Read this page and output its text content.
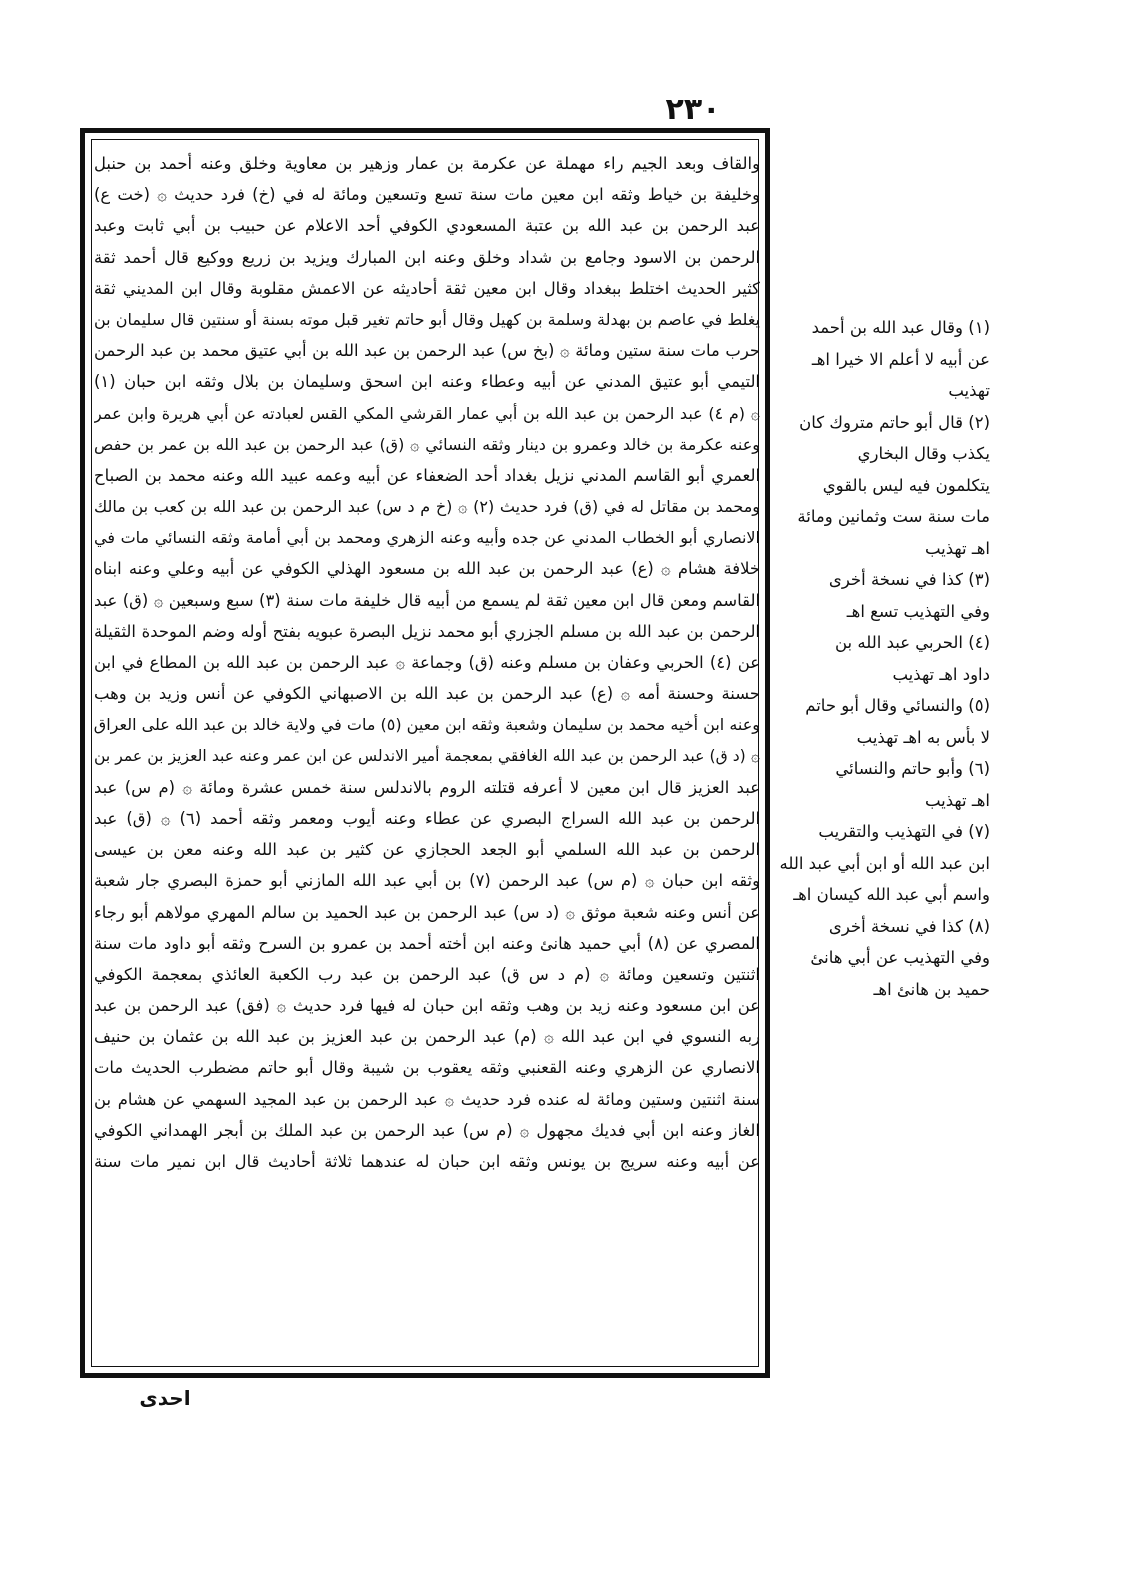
٢٣٠
والقاف وبعد الجيم راء مهملة عن عكرمة بن عمار وزهير بن معاوية وخلق وعنه أحمد بن حنبل
وخليفة بن خياط وثقه ابن معين مات سنة تسع وتسعين ومائة له في (خ) فرد حديث ۞ (خت ع)
عبد الرحمن بن عبد الله بن عتبة المسعودي الكوفي أحد الاعلام عن حبيب بن أبي ثابت وعبد
الرحمن بن الاسود وجامع بن شداد وخلق وعنه ابن المبارك ويزيد بن زريع ووكيع قال أحمد ثقة
كثير الحديث اختلط ببغداد وقال ابن معين ثقة أحاديثه عن الاعمش مقلوبة وقال ابن المديني ثقة
يغلط في عاصم بن بهدلة وسلمة بن كهيل وقال أبو حاتم تغير قبل موته بسنة أو سنتين قال سليمان بن
حرب مات سنة ستين ومائة ۞ (بخ س) عبد الرحمن بن عبد الله بن أبي عتيق محمد بن عبد الرحمن
التيمي أبو عتيق المدني عن أبيه وعطاء وعنه ابن اسحق وسليمان بن بلال وثقه ابن حبان (١)
۞ (م ٤) عبد الرحمن بن عبد الله بن أبي عمار القرشي المكي القس لعبادته عن أبي هريرة وابن عمر
وعنه عكرمة بن خالد وعمرو بن دينار وثقه النسائي ۞ (ق) عبد الرحمن بن عبد الله بن عمر بن حفص
العمري أبو القاسم المدني نزيل بغداد أحد الضعفاء عن أبيه وعمه عبيد الله وعنه محمد بن الصباح
ومحمد بن مقاتل له في (ق) فرد حديث (٢) ۞ (خ م د س) عبد الرحمن بن عبد الله بن كعب بن مالك
الانصاري أبو الخطاب المدني عن جده وأبيه وعنه الزهري ومحمد بن أبي أمامة وثقه النسائي مات في
خلافة هشام ۞ (ع) عبد الرحمن بن عبد الله بن مسعود الهذلي الكوفي عن أبيه وعلي وعنه ابناه
القاسم ومعن قال ابن معين ثقة لم يسمع من أبيه قال خليفة مات سنة (٣) سبع وسبعين ۞ (ق) عبد
الرحمن بن عبد الله بن مسلم الجزري أبو محمد نزيل البصرة عبويه بفتح أوله وضم الموحدة الثقيلة
عن (٤) الحربي وعفان بن مسلم وعنه (ق) وجماعة ۞ عبد الرحمن بن عبد الله بن المطاع في ابن
حسنة وحسنة أمه ۞ (ع) عبد الرحمن بن عبد الله بن الاصبهاني الكوفي عن أنس وزيد بن وهب
وعنه ابن أخيه محمد بن سليمان وشعبة وثقه ابن معين (٥) مات في ولاية خالد بن عبد الله على العراق
۞ (د ق) عبد الرحمن بن عبد الله الغافقي بمعجمة أمير الاندلس عن ابن عمر وعنه عبد العزيز بن عمر بن
عبد العزيز قال ابن معين لا أعرفه قتلته الروم بالاندلس سنة خمس عشرة ومائة ۞ (م س) عبد
الرحمن بن عبد الله السراج البصري عن عطاء وعنه أيوب ومعمر وثقه أحمد (٦) ۞ (ق) عبد
الرحمن بن عبد الله السلمي أبو الجعد الحجازي عن كثير بن عبد الله وعنه معن بن عيسى
وثقه ابن حبان ۞ (م س) عبد الرحمن (٧) بن أبي عبد الله المازني أبو حمزة البصري جار شعبة
عن أنس وعنه شعبة موثق ۞ (د س) عبد الرحمن بن عبد الحميد بن سالم المهري مولاهم أبو رجاء
المصري عن (٨) أبي حميد هانئ وعنه ابن أخته أحمد بن عمرو بن السرح وثقه أبو داود مات سنة
اثنتين وتسعين ومائة ۞ (م د س ق) عبد الرحمن بن عبد رب الكعبة العائذي بمعجمة الكوفي
عن ابن مسعود وعنه زيد بن وهب وثقه ابن حبان له فيها فرد حديث ۞ (فق) عبد الرحمن بن عبد
ربه النسوي في ابن عبد الله ۞ (م) عبد الرحمن بن عبد العزيز بن عبد الله بن عثمان بن حنيف
الانصاري عن الزهري وعنه القعنبي وثقه يعقوب بن شيبة وقال أبو حاتم مضطرب الحديث مات
سنة اثنتين وستين ومائة له عنده فرد حديث ۞ عبد الرحمن بن عبد المجيد السهمي عن هشام بن
الغاز وعنه ابن أبي فديك مجهول ۞ (م س) عبد الرحمن بن عبد الملك بن أبجر الهمداني الكوفي
عن أبيه وعنه سريج بن يونس وثقه ابن حبان له عندهما ثلاثة أحاديث قال ابن نمير مات سنة
(١) وقال عبد الله بن أحمد
عن أبيه لا أعلم الا خيرا اهـ
تهذيب
(٢) قال أبو حاتم متروك كان
يكذب وقال البخاري
يتكلمون فيه ليس بالقوي
مات سنة ست وثمانين ومائة
اهـ تهذيب
(٣) كذا في نسخة أخرى
وفي التهذيب تسع اهـ
(٤) الحربي عبد الله بن
داود اهـ تهذيب
(٥) والنسائي وقال أبو حاتم
لا بأس به اهـ تهذيب
(٦) وأبو حاتم والنسائي
اهـ تهذيب
(٧) في التهذيب والتقريب
ابن عبد الله أو ابن أبي عبد الله
واسم أبي عبد الله كيسان اهـ
(٨) كذا في نسخة أخرى
وفي التهذيب عن أبي هانئ
حميد بن هانئ اهـ
احدى
